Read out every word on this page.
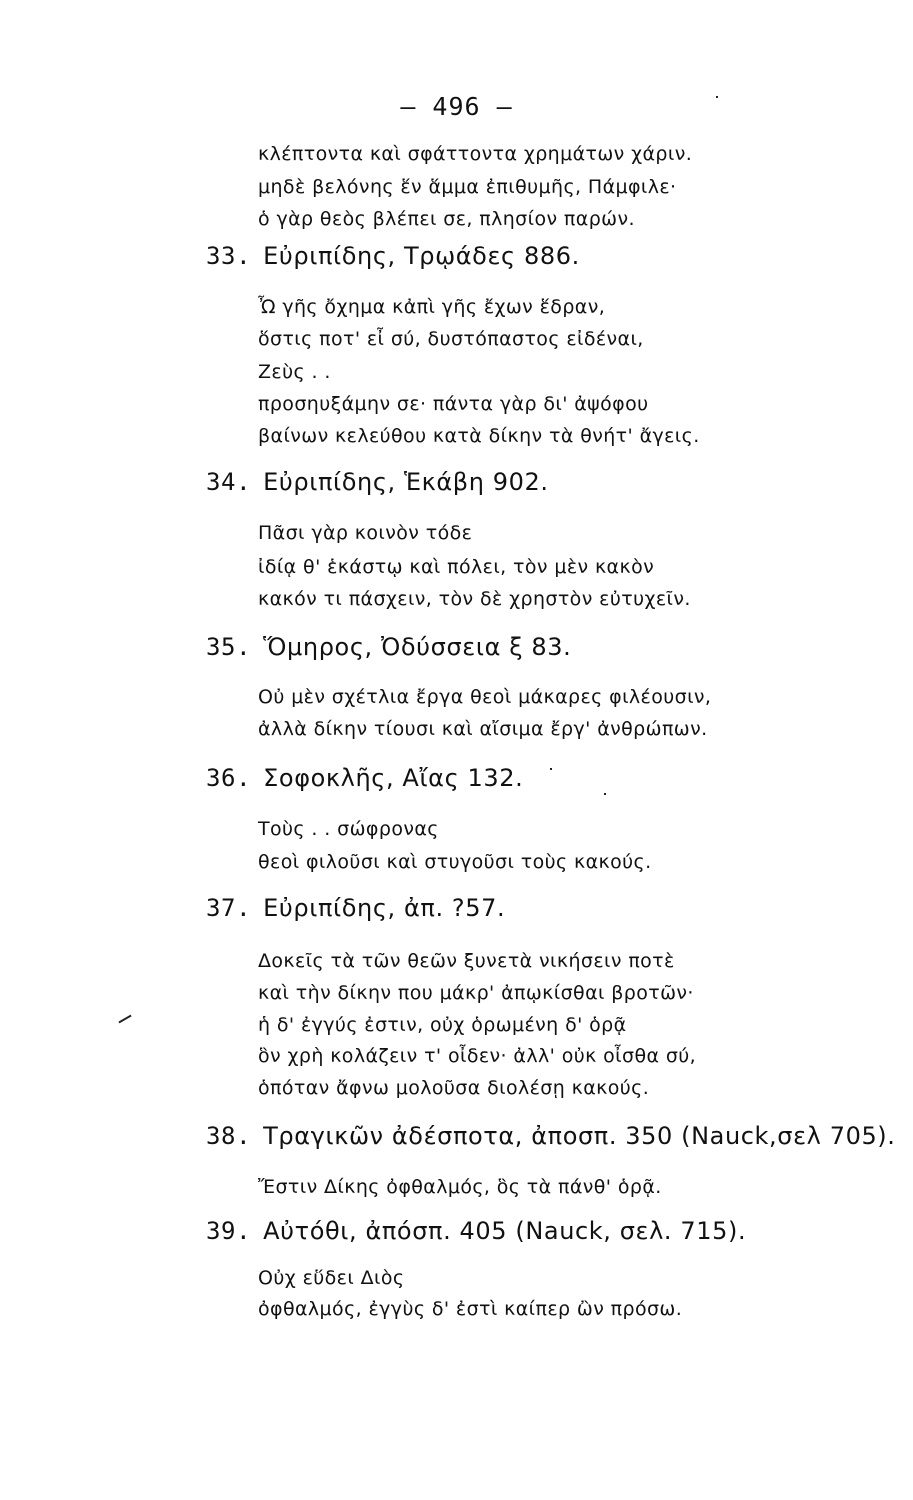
— 496 —
κλέπτοντα καὶ σφάττοντα χρημάτων χάριν.
μηδὲ βελόνης ἕν ἅμμα ἐπιθυμῆς, Πάμφιλε·
ὁ γὰρ θεὸς βλέπει σε, πλησίον παρών.
33. Εὐριπίδης, Τρῳάδες 886.
Ὦ γῆς ὄχημα κἀπὶ γῆς ἔχων ἕδραν,
ὅστις ποτ' εἶ σύ, δυστόπαστος εἰδέναι,
Ζεὺς . .
προσηυξάμην σε· πάντα γὰρ δι' ἀψόφου
βαίνων κελεύθου κατὰ δίκην τὰ θνήτ' ἄγεις.
34. Εὐριπίδης, Ἑκάβη 902.
Πᾶσι γὰρ κοινὸν τόδε
ἰδίᾳ θ' ἑκάστῳ καὶ πόλει, τὸν μὲν κακὸν
κακόν τι πάσχειν, τὸν δὲ χρηστὸν εὐτυχεῖν.
35. Ὅμηρος, Ὀδύσσεια ξ 83.
Οὐ μὲν σχέτλια ἔργα θεοὶ μάκαρες φιλέουσιν,
ἀλλὰ δίκην τίουσι καὶ αἴσιμα ἔργ' ἀνθρώπων.
36. Σοφοκλῆς, Αἴας 132.
Τοὺς . . σώφρονας
θεοὶ φιλοῦσι καὶ στυγοῦσι τοὺς κακούς.
37. Εὐριπίδης, ἀπ. ?57.
Δοκεῖς τὰ τῶν θεῶν ξυνετὰ νικήσειν ποτὲ
καὶ τὴν δίκην που μάκρ' ἀπῳκίσθαι βροτῶν·
ἡ δ' ἐγγύς ἐστιν, οὐχ ὁρωμένη δ' ὁρᾷ
ὃν χρὴ κολάζειν τ' οἶδεν· ἀλλ' οὐκ οἶσθα σύ,
ὁπόταν ἄφνω μολοῦσα διολέσῃ κακούς.
38. Τραγικῶν ἀδέσποτα, ἀποσπ. 350 (Nauck,σελ 705).
Ἔστιν Δίκης ὀφθαλμός, ὃς τὰ πάνθ' ὁρᾷ.
39. Αὐτόθι, ἀπόσπ. 405 (Nauck, σελ. 715).
Οὐχ εὕδει Διὸς
ὀφθαλμός, ἐγγὺς δ' ἐστὶ καίπερ ὢν πρόσω.
